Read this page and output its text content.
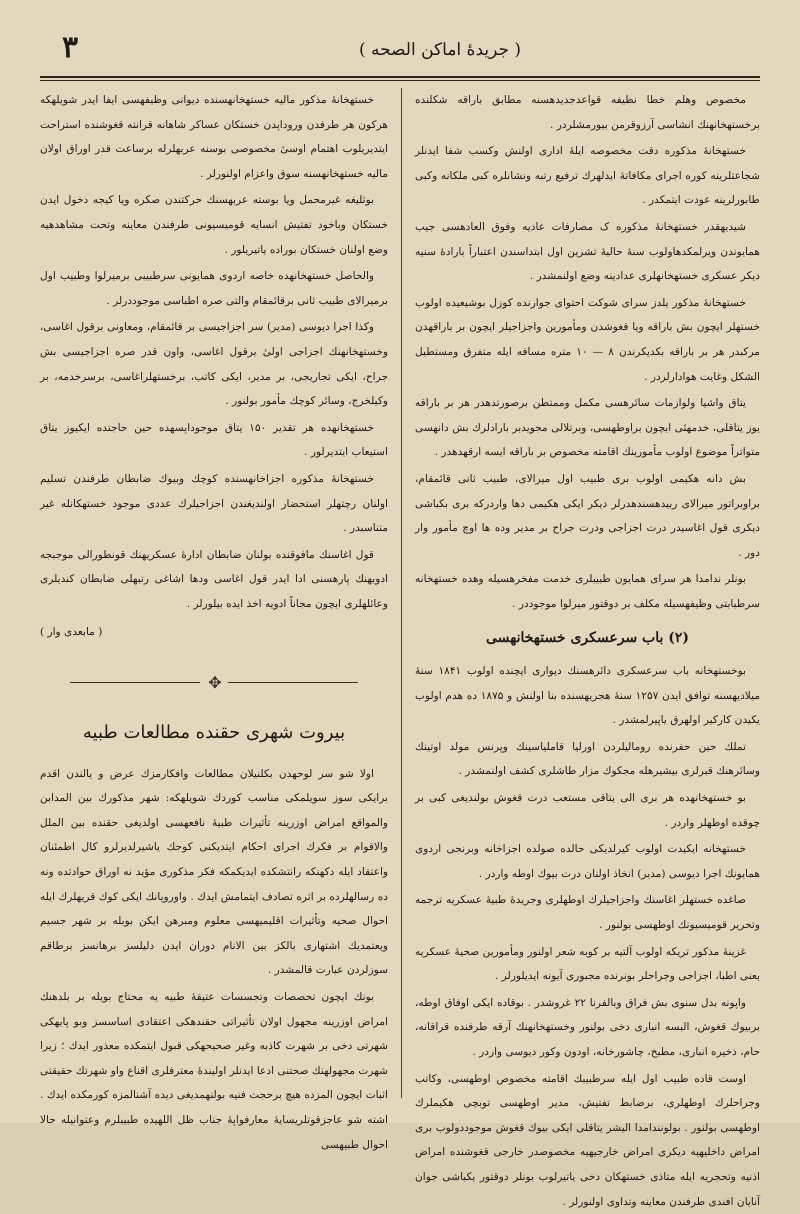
٣	( جریدهٔ اماکن الصحه )

مخصوص وهلم خطا نظیفه قواعدجدیدهسنه مطابق باراقه شکلنده برخستهخانهنك انشاسی آرزوقرمن بیورمشلردر .

خستهخانهٔ مذکوره دقت مخصوصه ایلهٔ اداری اولنش وکسب شفا ایدنلر شجاعتلرینه کوره اجرای مکافاتهٔ ایدلهرك ترفیع رتبه ونشانلره کبی ملکانه وکبی طابورلرینه عودت ایتمکدر .

شیدیهقدر خستهخانهٔ مذکوره ک مصارفات عادیه وفوق العادهسی جیب همایوندن ویرلمکدهاولوب سنهٔ حالیهٔ تشرین اول ابتداسندن اعتباراً بارادهٔ سنیه دیکر عسکری خستهخانهلری عدادینه وضع اولنمشدر .

خستهخانهٔ مذکور یلدز سرای شوکت احتوای جوارنده کوزل بوشیعیده اولوب خستهلر ایچون بش باراقه ویا قغوشدن ومأمورین واجزاجیلر ایچون بر باراقهدن مرکبدر هر بر باراقه بکدیکرندن ۸ — ۱۰ متره مسافه ایله متفرق ومستطیل الشکل وغایت هوادارلردر .

یتاق واشیا ولوازمات سائرهسی مکمل وممتطن برصورتدهدر هر بر باراقه یوز یتاقلی، خدمهئی ایچون براوطهسی، وبرتلالی مجویدبر بارادلرك بش دانهسی متواتراً موضوع اولوب مأمورینك اقامته مخصوص بر باراقه ایسه ارقهدهدر .

بش دانه هکیمی اولوب بری طبیب اول میرالای، طبیب ثانی قائمقام، براوبراتور میرالای ربیدهسندهدرلر دیکر ایکی هکیمی دها واردرکه بری بکباشی دیکری قول اغاسیدر درت اجزاجی ودرت جراح بر مدیر وده ها اوچ مأمور وار دور .

بونلر ندامدا هر سرای همایون طبیبلری خدمت مفخرهسیله وهده خستهخانه سرطبابتی وظیفهسیله مکلف بر دوقتور میرلوا موجوددر .

(۲) باب سرعسکری خستهخانهسی

بوخستهخانه باب سرعسکری دائرهسنك دیواری ایچنده اولوب ۱۸۴۱ سنهٔ میلادیهسنه توافق ایدن ۱۲۵۷ سنهٔ هجریهسنده بنا اولنش و ۱۸۷۵ ده هدم اولوب یکیدن کارکیر اولهرق یاپیرلمشدر .

تملك حین حفرنده رومالیلردن اورلیا قاملیاسینك وپرنس مولد اوتینك وسائرهنك قبرلری بیشیرهله مجکوك مزار طاشلری کشف اولنمشدر .

بو خستهخانهده هر بری الی یتاقی مستعب درت قغوش بولندیغی کبی بر چوقده اوطهلر واردر .

خستهخانه ایکیدت اولوب کیرلدیکی حالده صولده اجزاخانه وبرنجی اردوی همایونك اجرا دیوسی (مدیر) انخاذ اولنان درت بیوك اوطه واردر .

صاغده خستهلر اغاسنك واجزاجیلرك اوطهلری وجریدهٔ طبیهٔ عسکریه ترجمه وتحریر قومیسیونك اوطهسی بولنور .

غزینهٔ مذکور تریکه اولوب آلتیه بر کوبه شعر اولنور ومأمورین صحیهٔ عسکریه یعنی اطبا، اجزاجی وجراحلر بونرنده مجبوری آیونه ایدیلورلر .

واپونه بدل سنوی بش فراق وبالفرنا ۲۲ غروشدر . بوقاده ایکی اوفاق اوطه، بربیوك قغوش، البسه انباری دخی بولنور وخستهخانهنك آرقه طرفنده قراقانه، حام، ذخیره انباری، مطبخ، چاشورخانه، اودون وکور دیوسی واردر .

اوست قاده طبیب اول ایله سرطبیبك اقامته مخصوص اوطهسی، وکاتب وجراحلرك اوطهلری، برضابط تفتیش، مدیر اوطهسی توبچی هکیملرك اوطهسی بولنور . بولونندامدا الیشر یتاقلی ایکی بیوك قغوش موجوددولوب بری امراض داخلیهیه دیکری امراض خارجیهیه مخصوصدر خارجی قغوشنده امراض اذنیه وتحجریه ایله متاذی خستهکان دخی یاتیرلوب بونلر دوقتور یکباشی جوان آنایان افندی طرفندن معاینه وتداوی اولنورلر .

خستهخانهٔ مذکور مالیه خستهخانهسنده دیوانی وظیفهسی ایفا ایدر شویلهکه هرکون هر طرفدن وروداپدن خستکان عساکر شاهانه قرانته قغوشنده استراحت ایتدیریلوب اهتمام اوسیٔ مخصوصی بوسنه عربهلرله برساعت قدر اوراق اولان مالیه خستهخانهسنه سوق واعزام اولنورلر .

بوثلیغه غیرمحمل ویا بوسته عربهسنك حرکتندن صکره ویا کیجه دخول ایدن خستکان وباخود تفتیش انسایه قومیسیونی طرفندن معاینه وتحت مشاهدهیه وضع اولنان خستکان بوراده یاتیریلور .

والحاصل خستهخانهده خاصه اردوی همایونی سرطبیبی برمیرلوا وطبیب اول برمیرالای طبیب ثانی برقائمقام والتی صره اطباسی موجوددرلر .

وکذا اجرا دیوسی (مدیر) سر اجزاجیسی بر قائمقام، ومعاونی برقول اغاسی، وخستهخانهنك اجزاجی اولیٔ برقول اغاسی، واون قدر صره اجزاجیسی بش جراح، ایکی تجاریجی، بر مدیر، ایکی کاتب، برخستهلراغاسی، برسرخدمه، بر وکیلخرج، وسائر کوچك مأمور بولنور .

خستهخانهده هر تقدیر ۱۵۰ یتاق موجوداپسهده حین حاجتده ایکیوز یتاق استیعاب ایتدیرلور .

خستهخانهٔ مذکوره اجزاخانهسنده کوچك وبیوك ضابطان طرفندن تسلیم اولنان رچتهلر استحضار اولندیغندن اجزاجیلرك عددی موجود خستهکانله غیر متناسبدر .

قول اغاسنك مافوقنده بولنان ضابطان ادارهٔ عسکریهنك قونطورالی موجبجه ادویهنك پارهسنی ادا ایدر قول اغاسی ودها اشاغی رتبهلی ضابطان کندیلری وعائلهلری ایچون مجاناً ادویه اخذ ایده بیلورلر .

( مابعدی وار )
✥
بیروت شهری حقنده مطالعات طبیه

اولا شو سر لوحهدن بکلنیلان مطالعات وافکارمزك عرض و یالندن اقدم برایکی سوز سویلمکی مناسب کوردك شویلهکه: شهر مذکورك بین المدابن والمواقع امراض اوزرینه تأثیرات طبیهٔ نافعهسی اولدیغی حقنده بین الملل والاقوام بر فکرك اجرای احکام ایتدیکنی کوجك یاشیرلدیرلرو کال اطمئنان واعتقاد ایله دکهنکه رانتشکده ایدیکمکه فکر مذکوری مؤید نه اوراق حوادثده ونه ده رسالهلرده بر اثره تصادف ایتمامش ایدك . واوروپانك ایکی کوك قریهلرك ایله احوال صحیه وتأثیرات اقلیمیهسی معلوم ومبرهن ایکن بوبله بر شهر جسیم ویعتمدیك اشتهاری بالکز بین الانام دوران ایدن دلیلسز برهانسز برطاقم سوزلردن عبارت قالمشدر .

بونك ایچون تحصصات وتجسسات عتیقهٔ طبیه یه محتاج بویله بر بلدهنك امراض اوزرینه مجهول اولان تأثیراتی حقندهکی اعتقادی اساسسز وبو پایهکی شهرتی دخی بر شهرت کاذبه وغیر صحیحهکی قبول ایتمکده معذور ایدك ؛ زیرا شهرت مجهولهنك صحتنی ادعا ایدنلر اولیندهٔ معترفلری اقناع واو شهرتك حقیقتی اثبات ایچون المزده هیچ برحجت فنیه بولنهمدیغی دیده آشنالمزه کورمکده ایدك . اشته شو عاجزقوتلریسایهٔ معارفواپهٔ جناب ظل اللهیده طبیبلرم وعتوانیله حالا احوال طبیهسی
